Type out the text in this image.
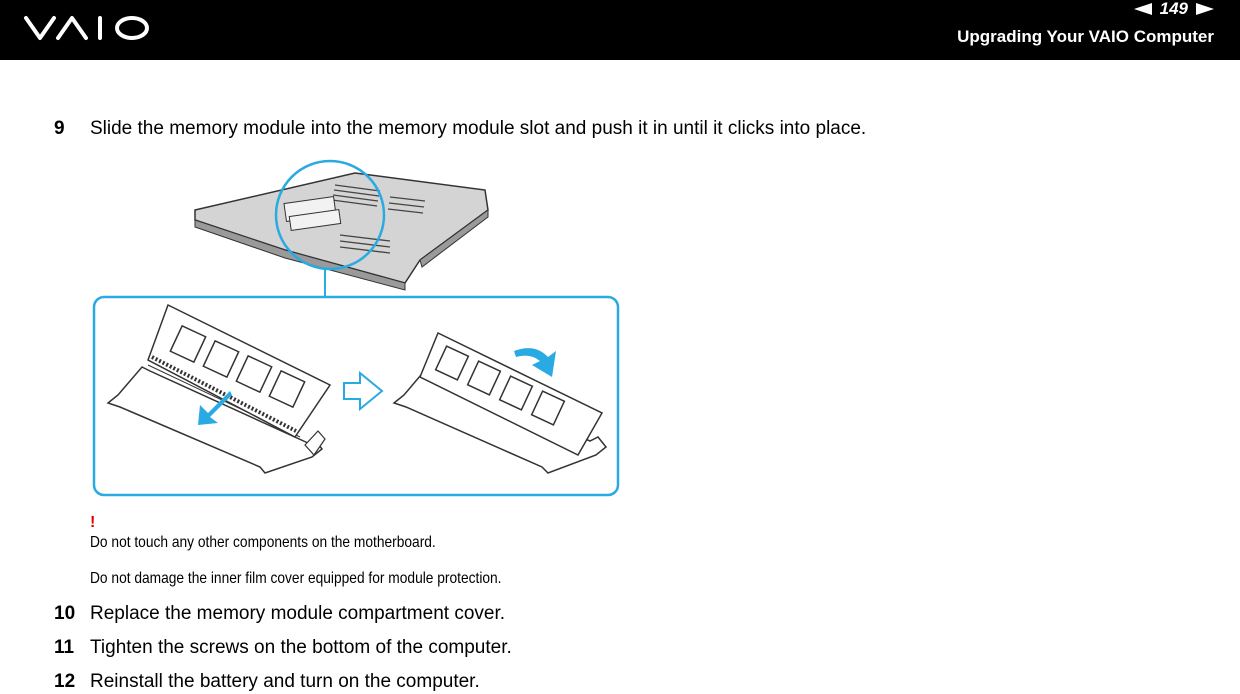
149
Upgrading Your VAIO Computer
9	Slide the memory module into the memory module slot and push it in until it clicks into place.
!
Do not touch any other components on the motherboard.
Do not damage the inner film cover equipped for module protection.
10 Replace the memory module compartment cover.
11 Tighten the screws on the bottom of the computer.
12 Reinstall the battery and turn on the computer.
